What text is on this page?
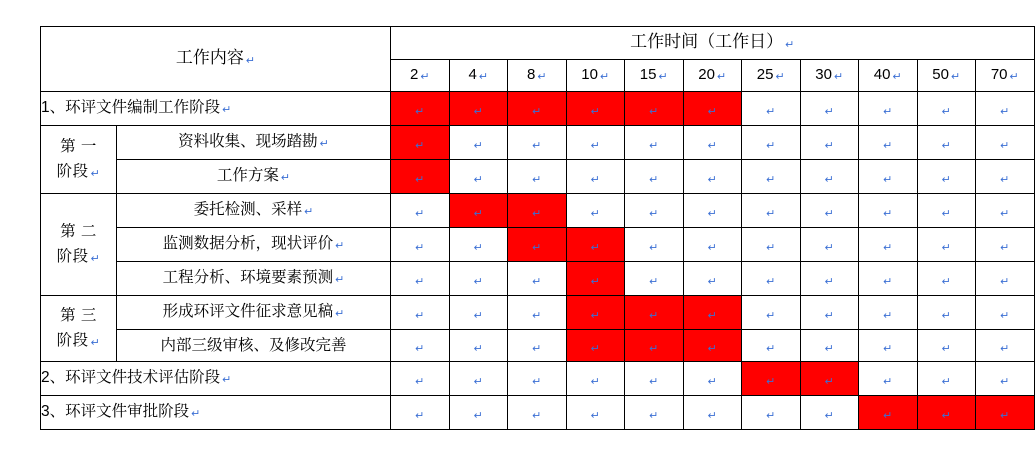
工作内容 ↵		工作时间（工作日） ↵										
		2 ↵	4 ↵	8 ↵	10 ↵	15 ↵	20 ↵	25 ↵	30 ↵	40 ↵	50 ↵	70 ↵
1、环评文件编制工作阶段 ↵		↵	↵	↵	↵	↵	↵	↵	↵	↵	↵	↵

第 一
阶段 ↵	资料收集、现场踏勘 ↵	↵	↵	↵	↵	↵	↵	↵	↵	↵	↵	↵
	工作方案 ↵	↵	↵	↵	↵	↵	↵	↵	↵	↵	↵	↵

第 二
阶段 ↵	委托检测、采样 ↵	↵	↵	↵	↵	↵	↵	↵	↵	↵	↵	↵
	监测数据分析，现状评价 ↵	↵	↵	↵	↵	↵	↵	↵	↵	↵	↵	↵
	工程分析、环境要素预测 ↵	↵	↵	↵	↵	↵	↵	↵	↵	↵	↵	↵

第 三
阶段 ↵	形成环评文件征求意见稿 ↵	↵	↵	↵	↵	↵	↵	↵	↵	↵	↵	↵
	内部三级审核、及修改完善	↵	↵	↵	↵	↵	↵	↵	↵	↵	↵	↵
2、环评文件技术评估阶段 ↵		↵	↵	↵	↵	↵	↵	↵	↵	↵	↵	↵
3、环评文件审批阶段 ↵		↵	↵	↵	↵	↵	↵	↵	↵	↵	↵	↵
